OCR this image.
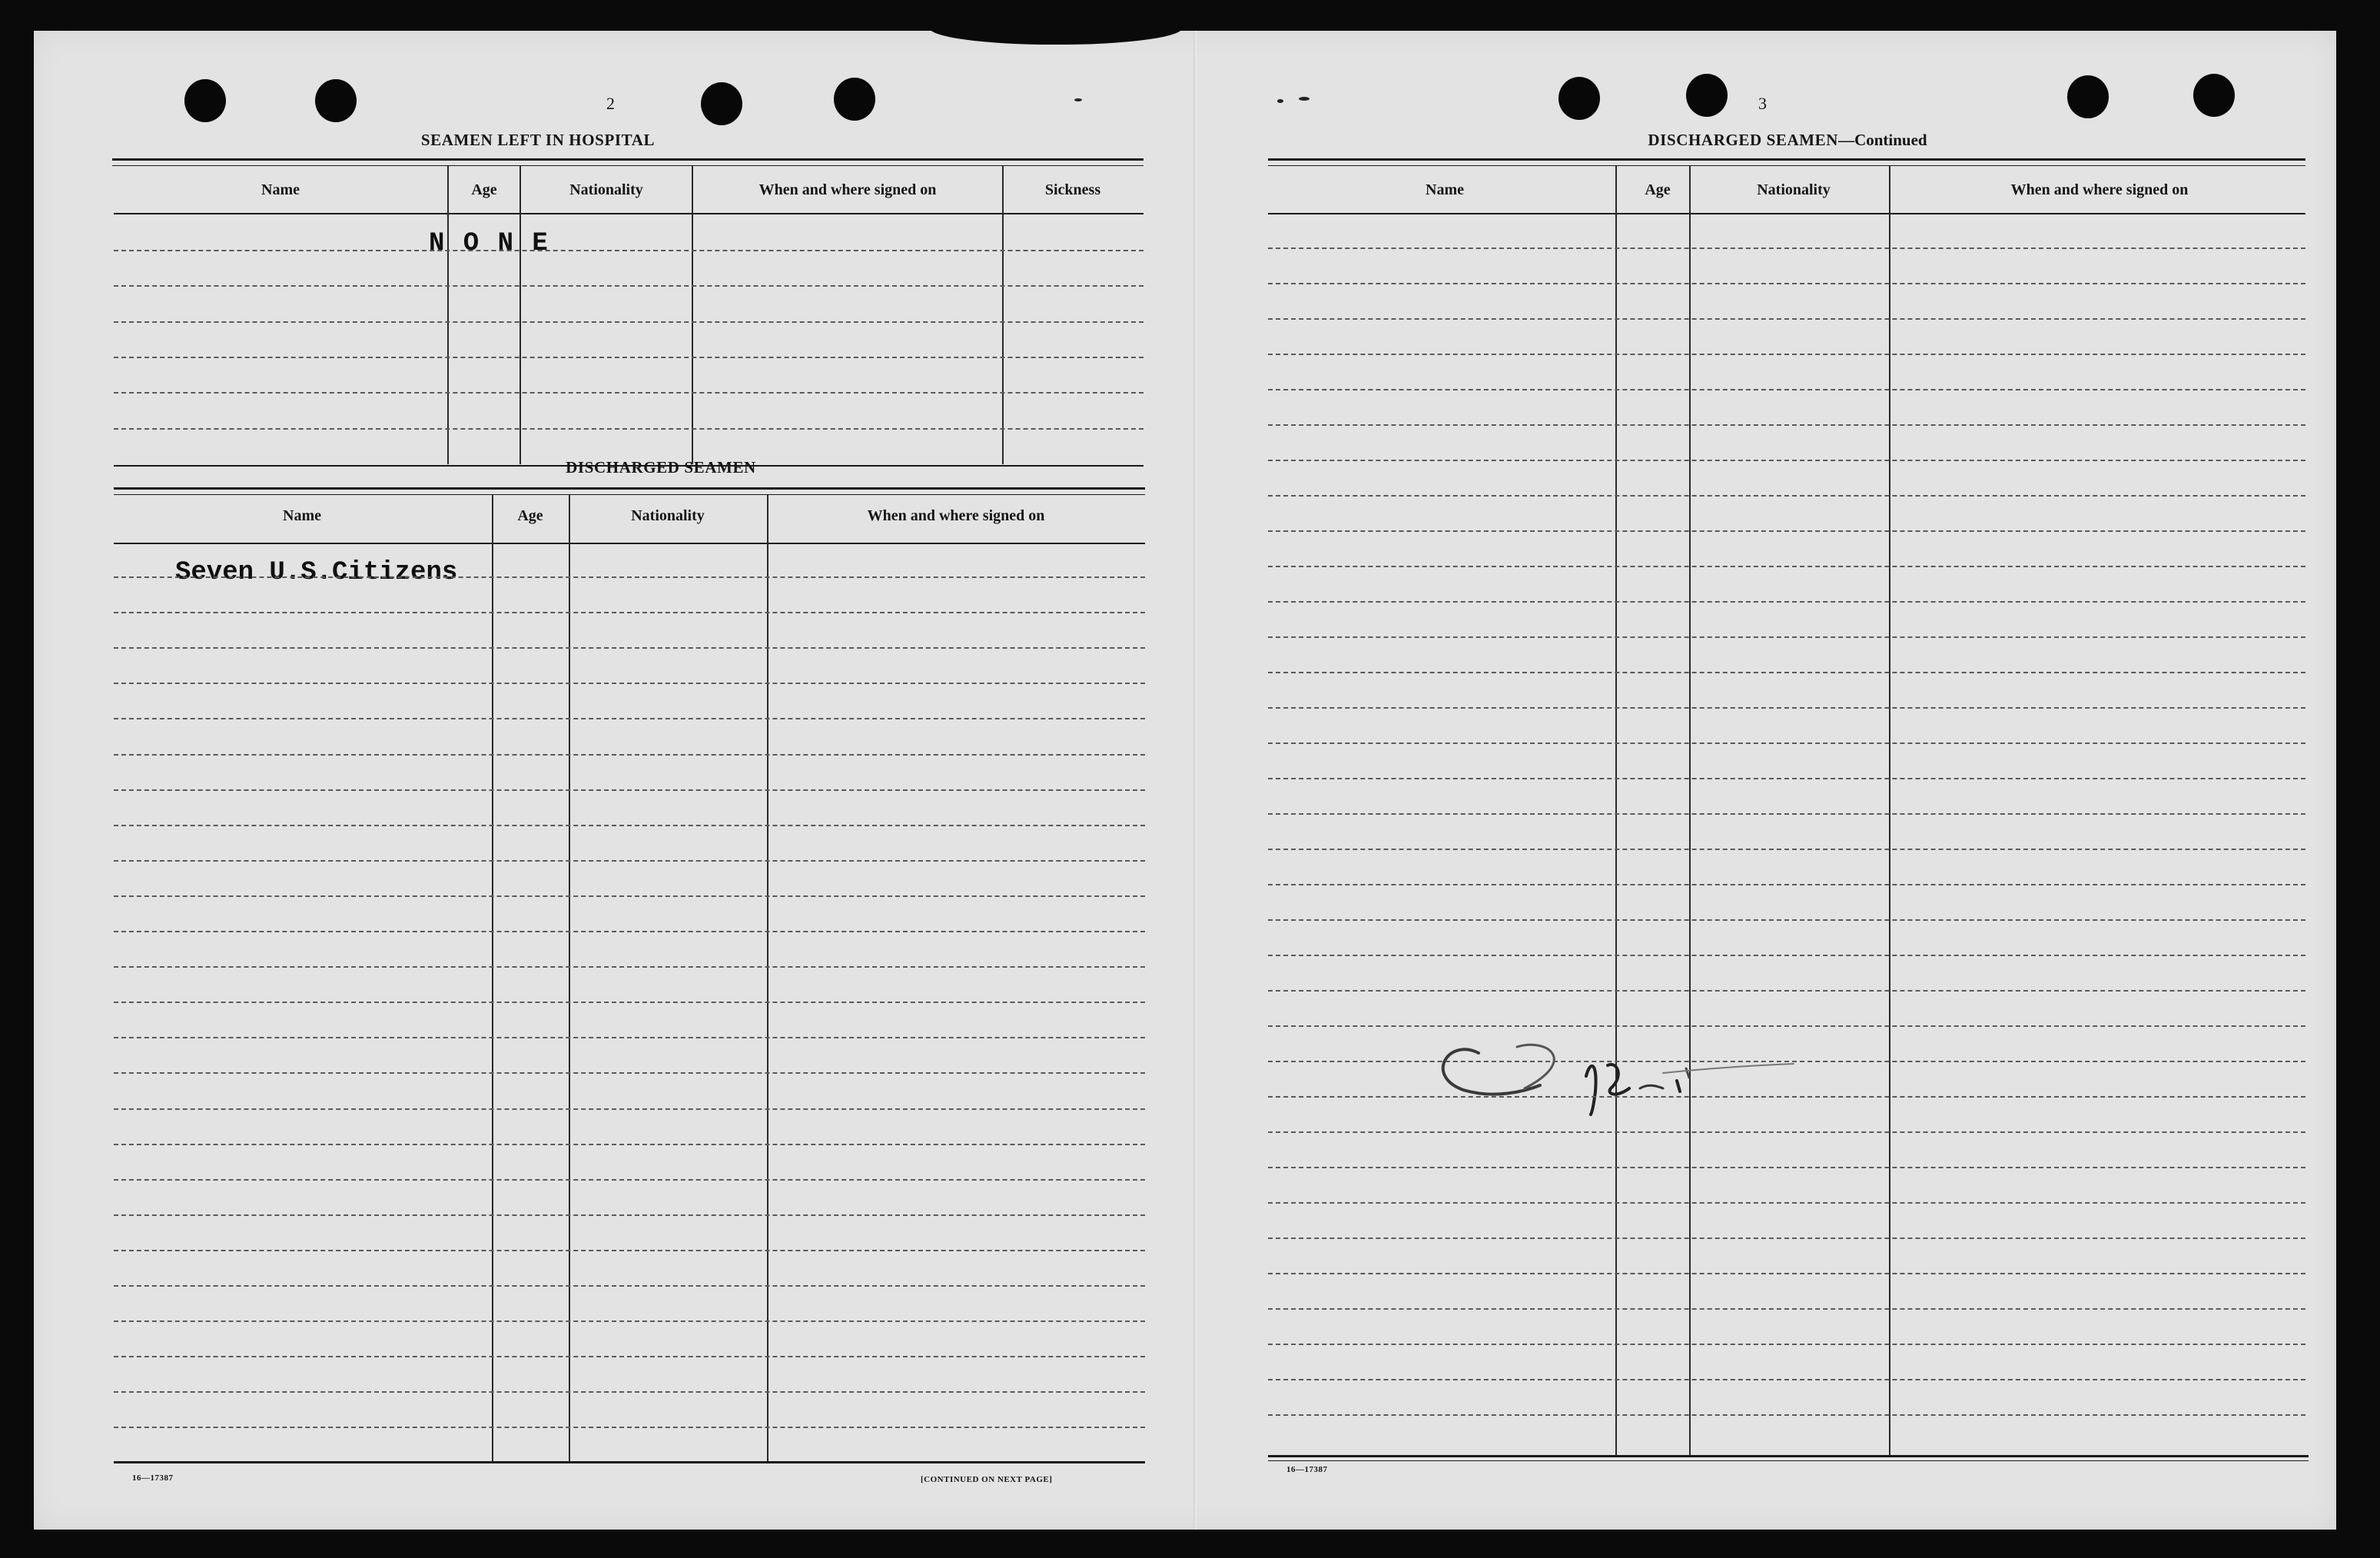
2
SEAMEN LEFT IN HOSPITAL
Name	Age	Nationality	When and where signed on	Sickness
N O N E
DISCHARGED SEAMEN
Name	Age	Nationality	When and where signed on
Seven U.S.Citizens
16—17387	[CONTINUED ON NEXT PAGE]
3
DISCHARGED SEAMEN—Continued
Name	Age	Nationality	When and where signed on
16—17387
